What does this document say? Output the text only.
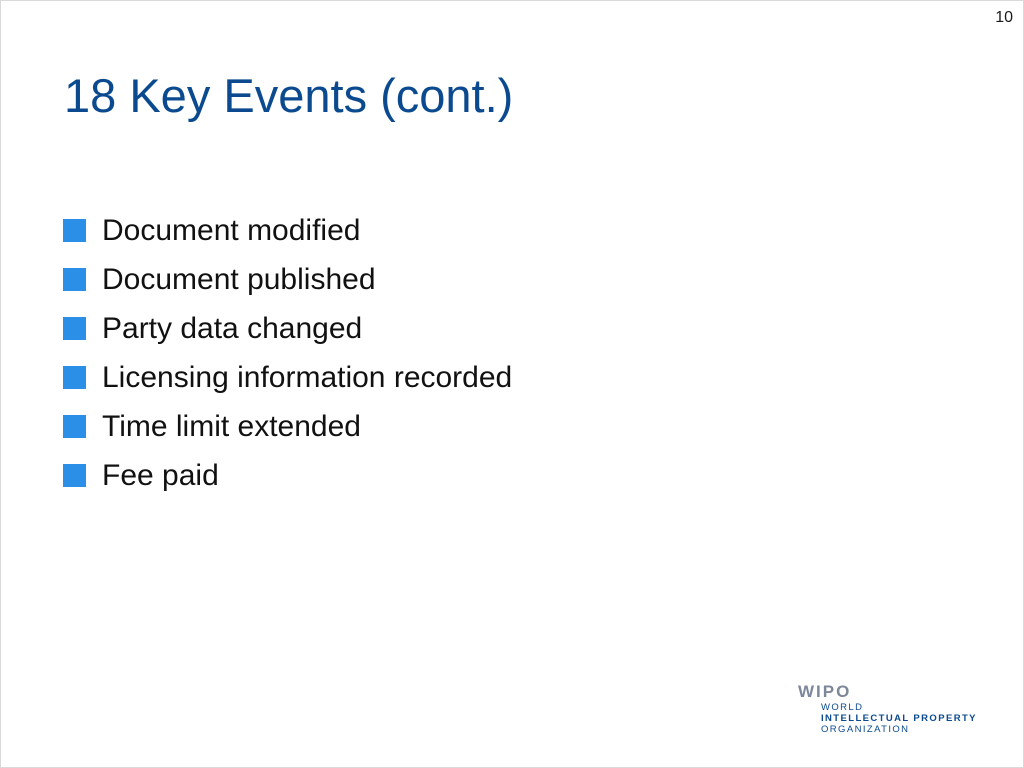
10
18 Key Events (cont.)
Document modified
Document published
Party data changed
Licensing information recorded
Time limit extended
Fee paid
WIPO
WORLD
INTELLECTUAL PROPERTY
ORGANIZATION
